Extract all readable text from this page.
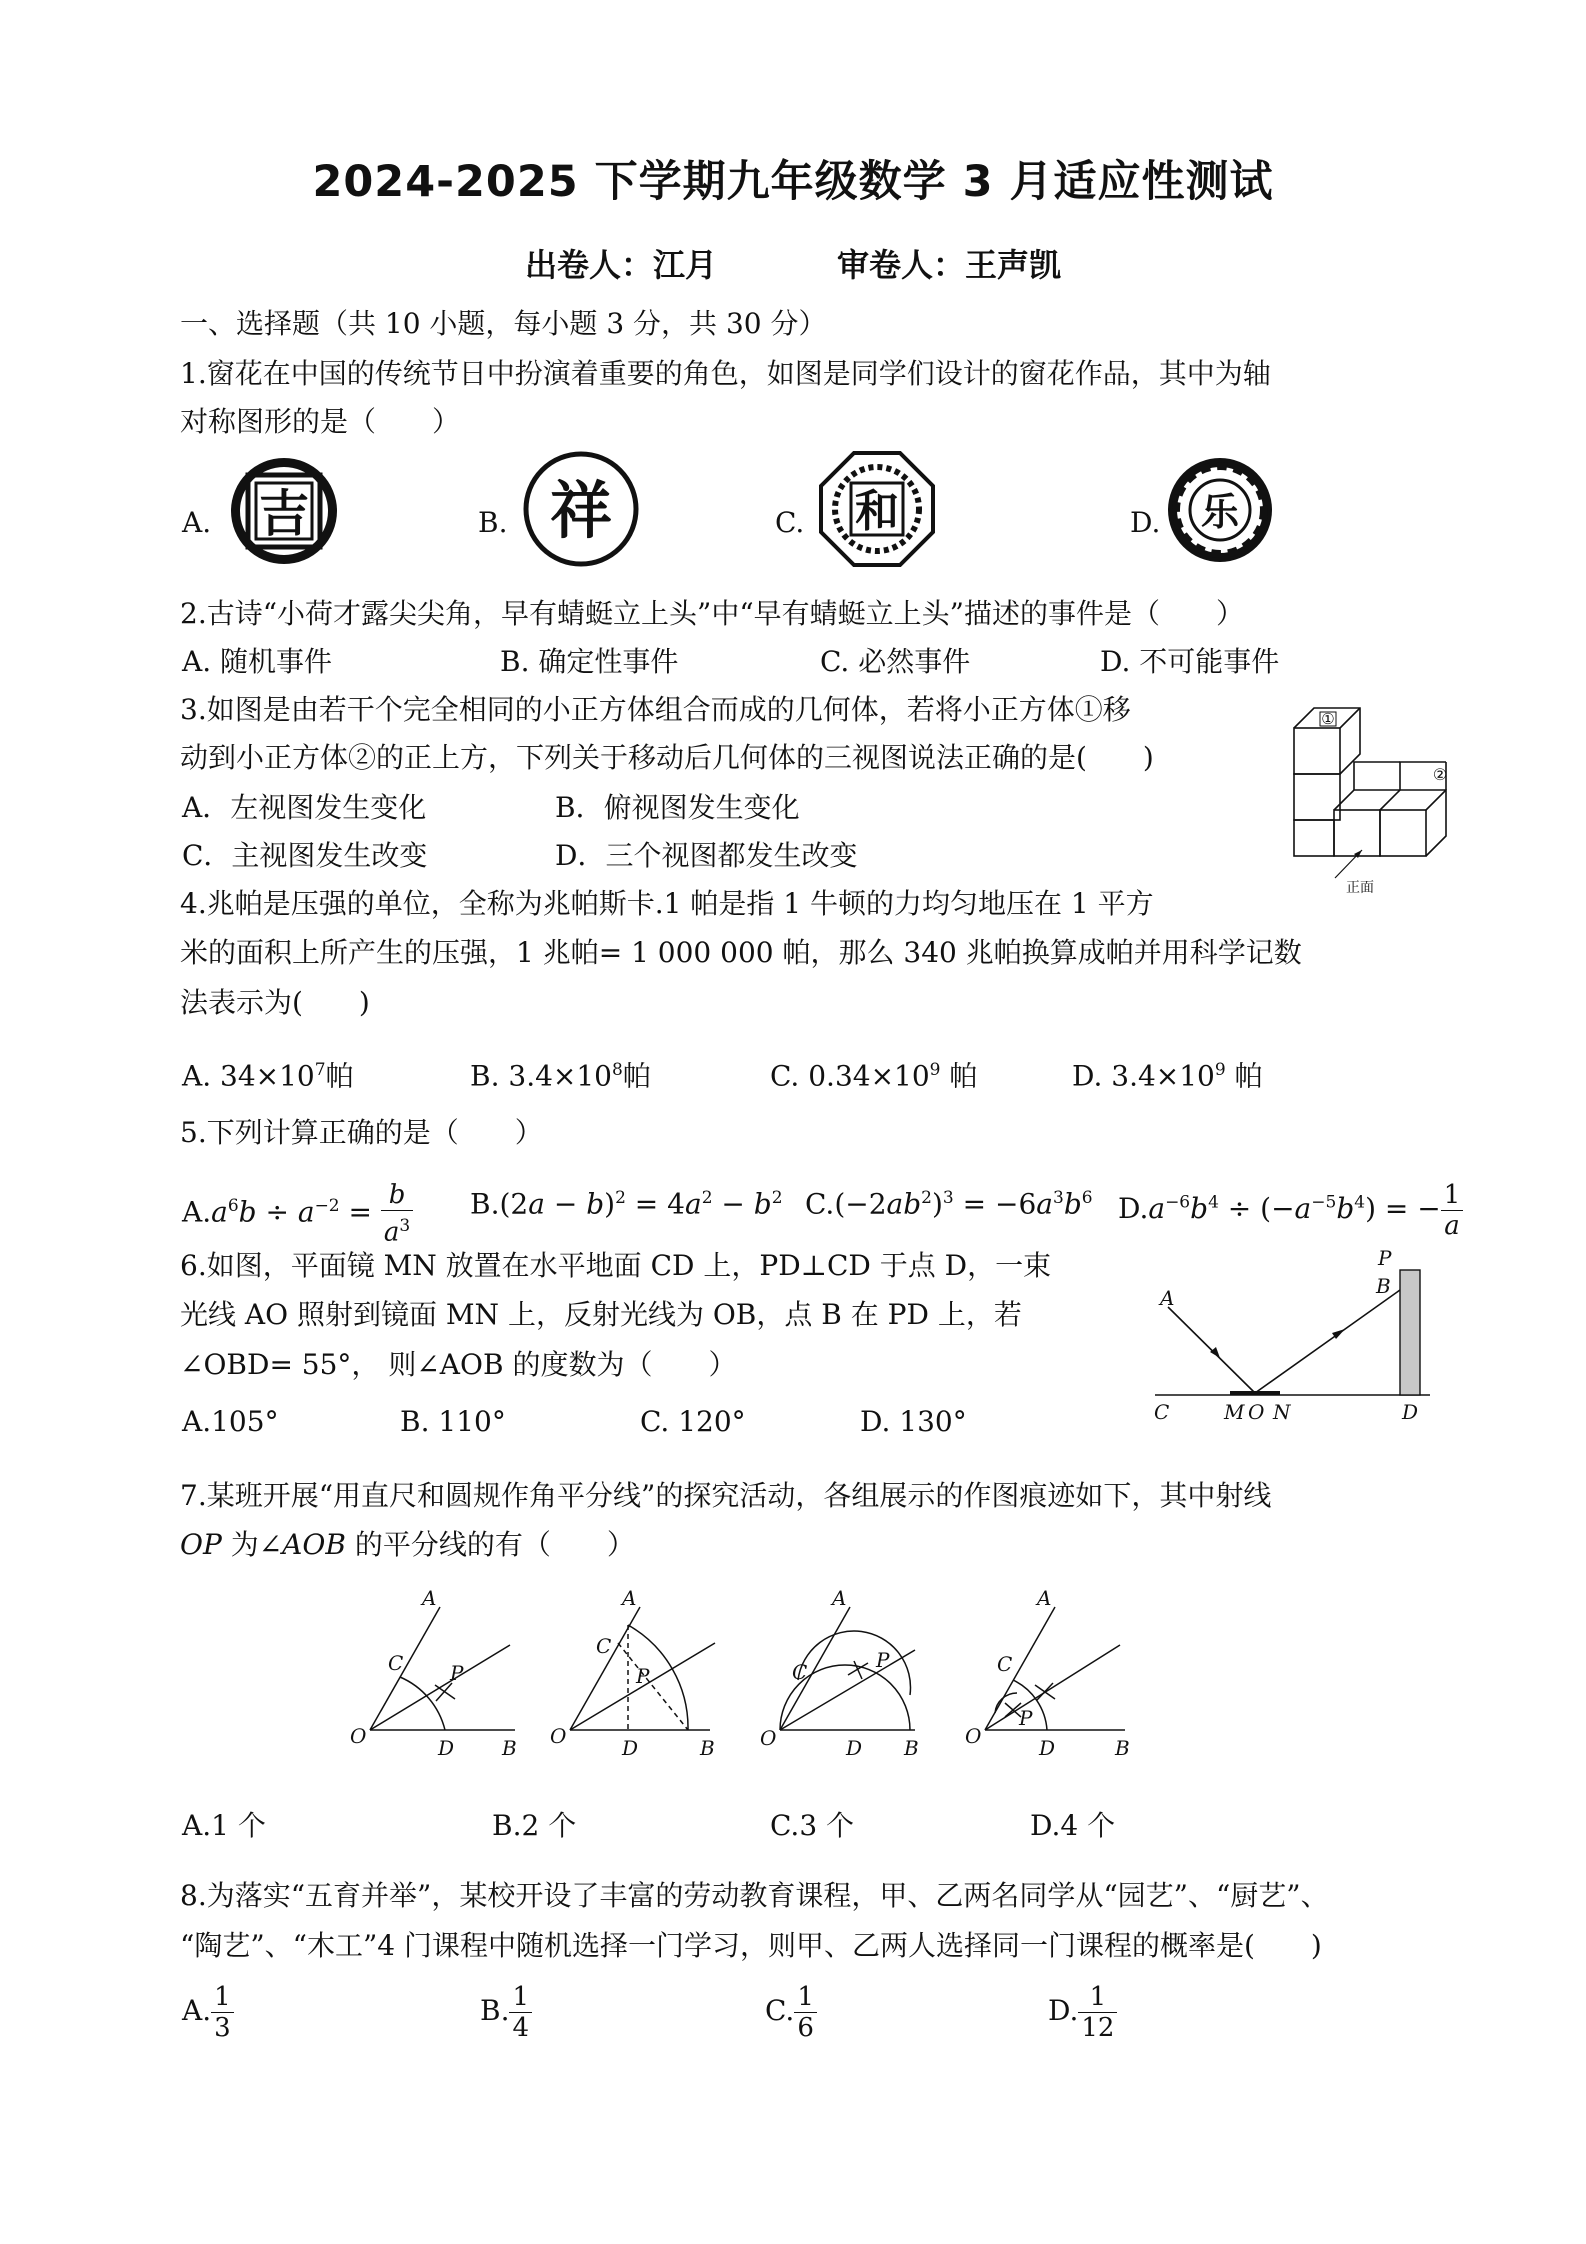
2024-2025 下学期九年级数学 3 月适应性测试
出卷人：江月	审卷人：王声凯
一、选择题（共 10 小题，每小题 3 分，共 30 分）
1.窗花在中国的传统节日中扮演着重要的角色，如图是同学们设计的窗花作品，其中为轴
对称图形的是（　　）
A. 吉	B. 祥	C. 和	D. 乐
2.古诗“小荷才露尖尖角，早有蜻蜓立上头”中“早有蜻蜓立上头”描述的事件是（　　）
A. 随机事件	B. 确定性事件	C. 必然事件	D. 不可能事件
3.如图是由若干个完全相同的小正方体组合而成的几何体，若将小正方体①移
动到小正方体②的正上方，下列关于移动后几何体的三视图说法正确的是(　　)
A．左视图发生变化	B．俯视图发生变化
C．主视图发生改变	D．三个视图都发生改变
①
②
正面
4.兆帕是压强的单位，全称为兆帕斯卡.1 帕是指 1 牛顿的力均匀地压在 1 平方
米的面积上所产生的压强，1 兆帕= 1 000 000 帕，那么 340 兆帕换算成帕并用科学记数
法表示为(　　)
A. $34\times 10^7$帕	B. $3.4\times 10^8$帕	C. $0.34\times 10^9$ 帕	D. $3.4\times 10^9$ 帕
5.下列计算正确的是（　　）
$A.a^6b \div a^{-2} = \frac{b}{a^3} B.(2a - b)^2 = 4a^2 - b^2$ $C.(-2ab^2)^3 = -6a^3b^6$ $D.a^{-6}b^4 \div (-a^{-5}b^4)$ = − $\frac{1}{a}$
6.如图，平面镜 MN 放置在水平地面 CD 上，PD⊥CD 于点 D，一束
光线 AO 照射到镜面 MN 上，反射光线为 OB，点 B 在 PD 上，若
∠OBD= 55°， 则∠AOB 的度数为（　　）
A.105°	B. 110°	C. 120°	D. 130°
A	B
P
C	M O N	D
7.某班开展“用直尺和圆规作角平分线”的探究活动，各组展示的作图痕迹如下，其中射线
OP 为∠AOB 的平分线的有（　　）
A
C P
O	D B
A
C
P
O	D	B
A
C	P
O	D B
A
C
P
O	D	B
A.1 个	B.2 个	C.3 个	D.4 个
8.为落实“五育并举”，某校开设了丰富的劳动教育课程，甲、乙两名同学从“园艺”、“厨艺”、
“陶艺”、“木工”4 门课程中随机选择一门学习，则甲、乙两人选择同一门课程的概率是(　　)
A. $\frac{1}{3}$	B. $\frac{1}{4}$	C. $\frac{1}{6}$	D. $\frac{1}{12}$
